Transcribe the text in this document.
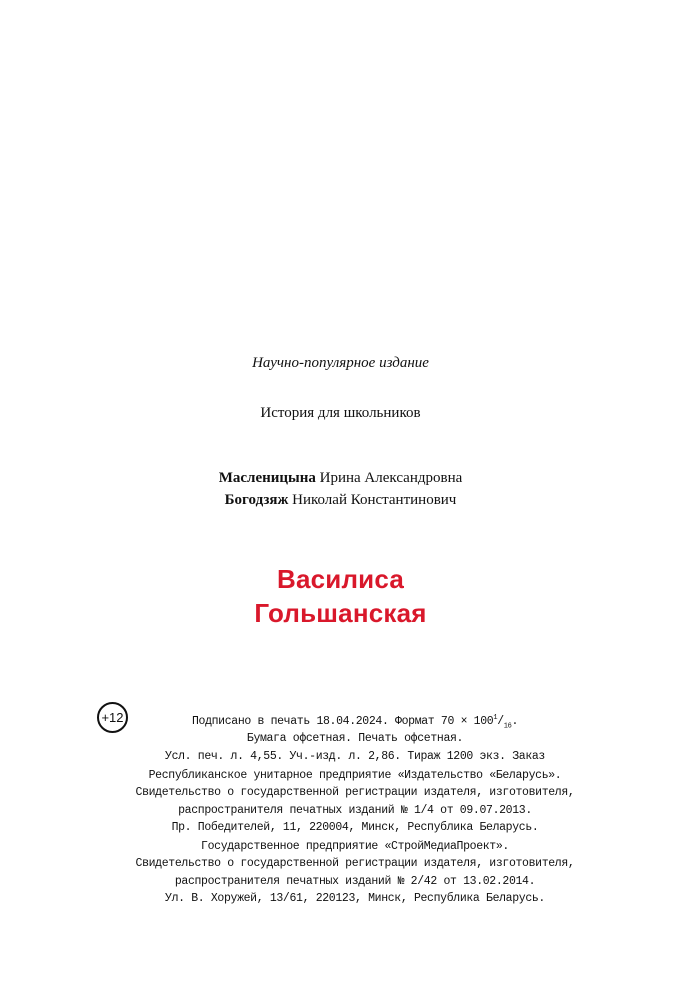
Научно-популярное издание
История для школьников
Масленицына Ирина Александровна
Богодзяж Николай Константинович
Василиса
Гольшанская
+12	Подписано в печать 18.04.2024. Формат $70 \times 100^1/_{16}$.
Бумага офсетная. Печать офсетная.
Усл. печ. л. 4,55. Уч.-изд. л. 2,86. Тираж 1200 экз. Заказ
Республиканское унитарное предприятие «Издательство «Беларусь».
Свидетельство о государственной регистрации издателя, изготовителя,
распространителя печатных изданий № 1/4 от 09.07.2013.
Пр. Победителей, 11, 220004, Минск, Республика Беларусь.
Государственное предприятие «СтройМедиаПроект».
Свидетельство о государственной регистрации издателя, изготовителя,
распространителя печатных изданий № 2/42 от 13.02.2014.
Ул. В. Хоружей, 13/61, 220123, Минск, Республика Беларусь.
